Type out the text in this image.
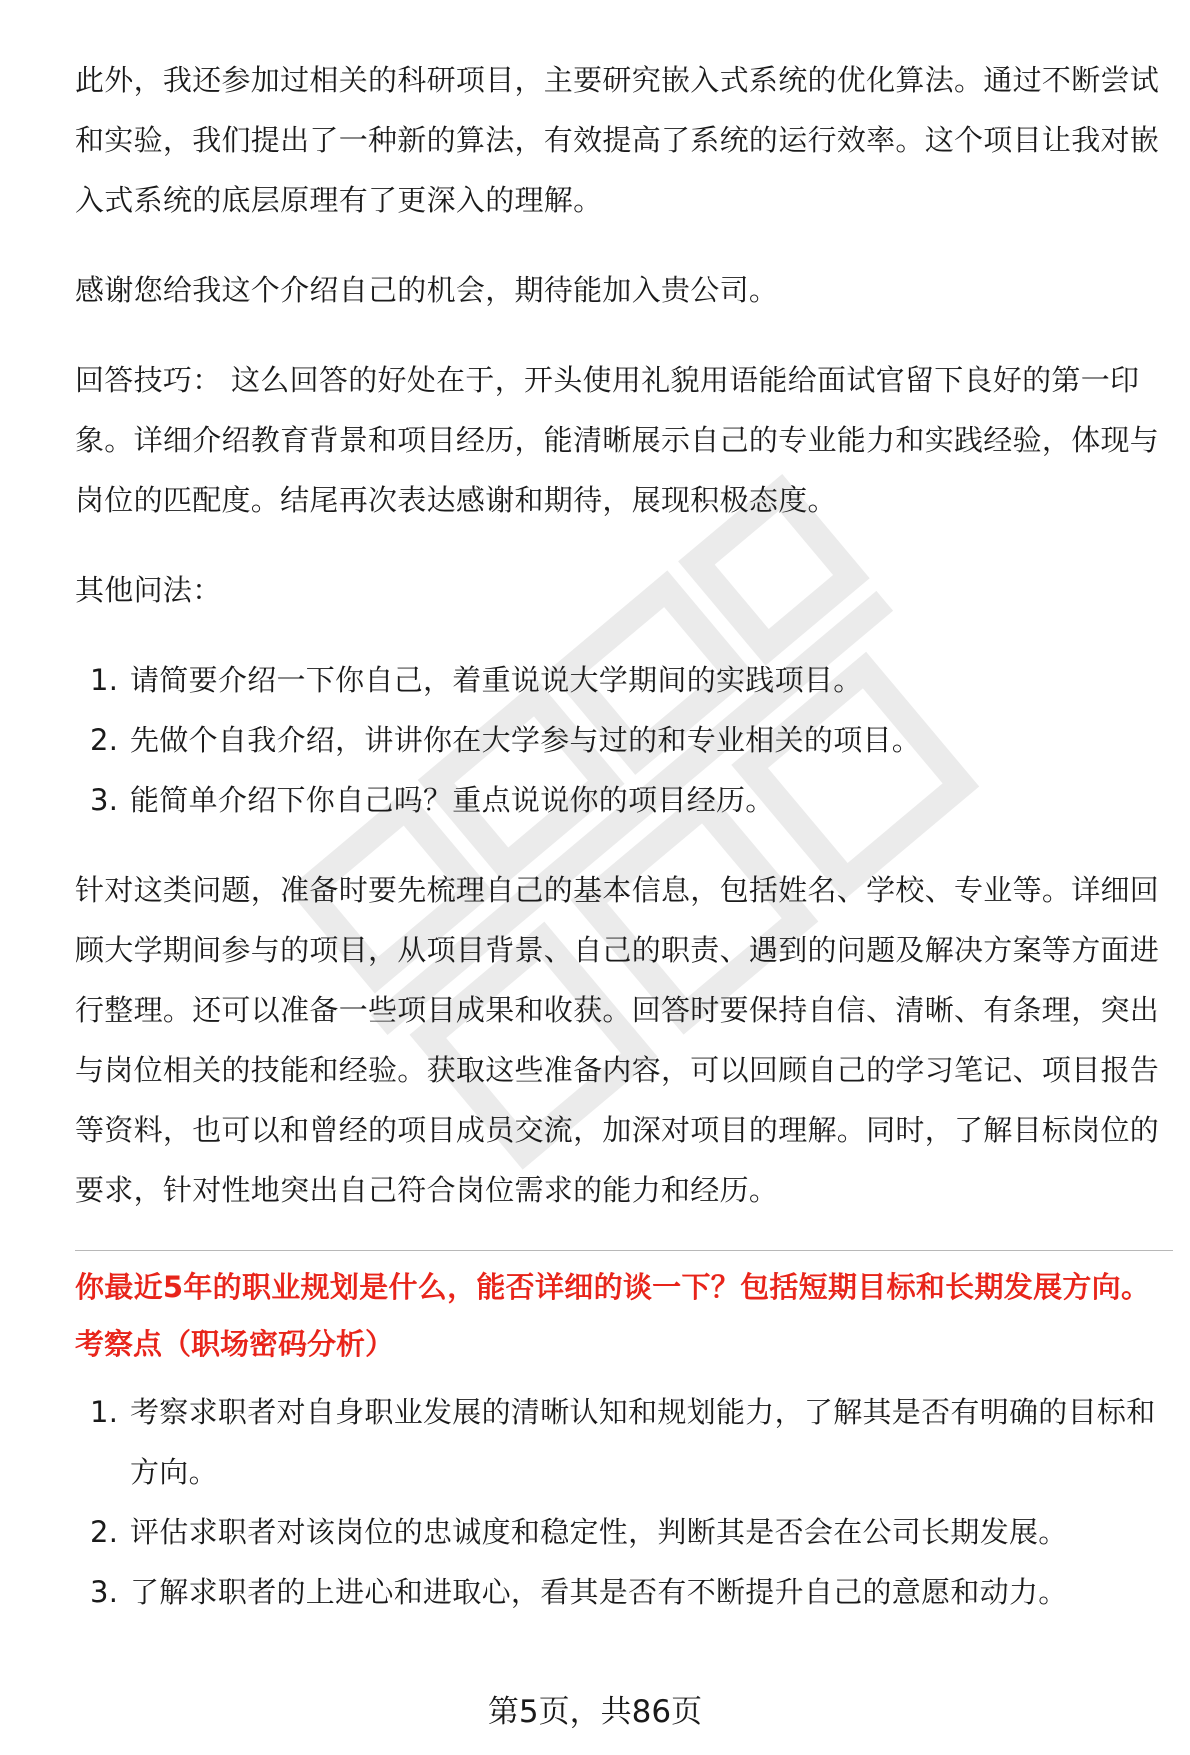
此外，我还参加过相关的科研项目，主要研究嵌入式系统的优化算法。通过不断尝试和实验，我们提出了一种新的算法，有效提高了系统的运行效率。这个项目让我对嵌入式系统的底层原理有了更深入的理解。

感谢您给我这个介绍自己的机会，期待能加入贵公司。

回答技巧： 这么回答的好处在于，开头使用礼貌用语能给面试官留下良好的第一印象。详细介绍教育背景和项目经历，能清晰展示自己的专业能力和实践经验，体现与岗位的匹配度。结尾再次表达感谢和期待，展现积极态度。

其他问法：

1. 请简要介绍一下你自己，着重说说大学期间的实践项目。
2. 先做个自我介绍，讲讲你在大学参与过的和专业相关的项目。
3. 能简单介绍下你自己吗？重点说说你的项目经历。

针对这类问题，准备时要先梳理自己的基本信息，包括姓名、学校、专业等。详细回顾大学期间参与的项目，从项目背景、自己的职责、遇到的问题及解决方案等方面进行整理。还可以准备一些项目成果和收获。回答时要保持自信、清晰、有条理，突出与岗位相关的技能和经验。获取这些准备内容，可以回顾自己的学习笔记、项目报告等资料，也可以和曾经的项目成员交流，加深对项目的理解。同时，了解目标岗位的要求，针对性地突出自己符合岗位需求的能力和经历。

你最近5年的职业规划是什么，能否详细的谈一下？包括短期目标和长期发展方向。

考察点（职场密码分析）

1. 考察求职者对自身职业发展的清晰认知和规划能力，了解其是否有明确的目标和方向。
2. 评估求职者对该岗位的忠诚度和稳定性，判断其是否会在公司长期发展。
3. 了解求职者的上进心和进取心，看其是否有不断提升自己的意愿和动力。
第5页，共86页
